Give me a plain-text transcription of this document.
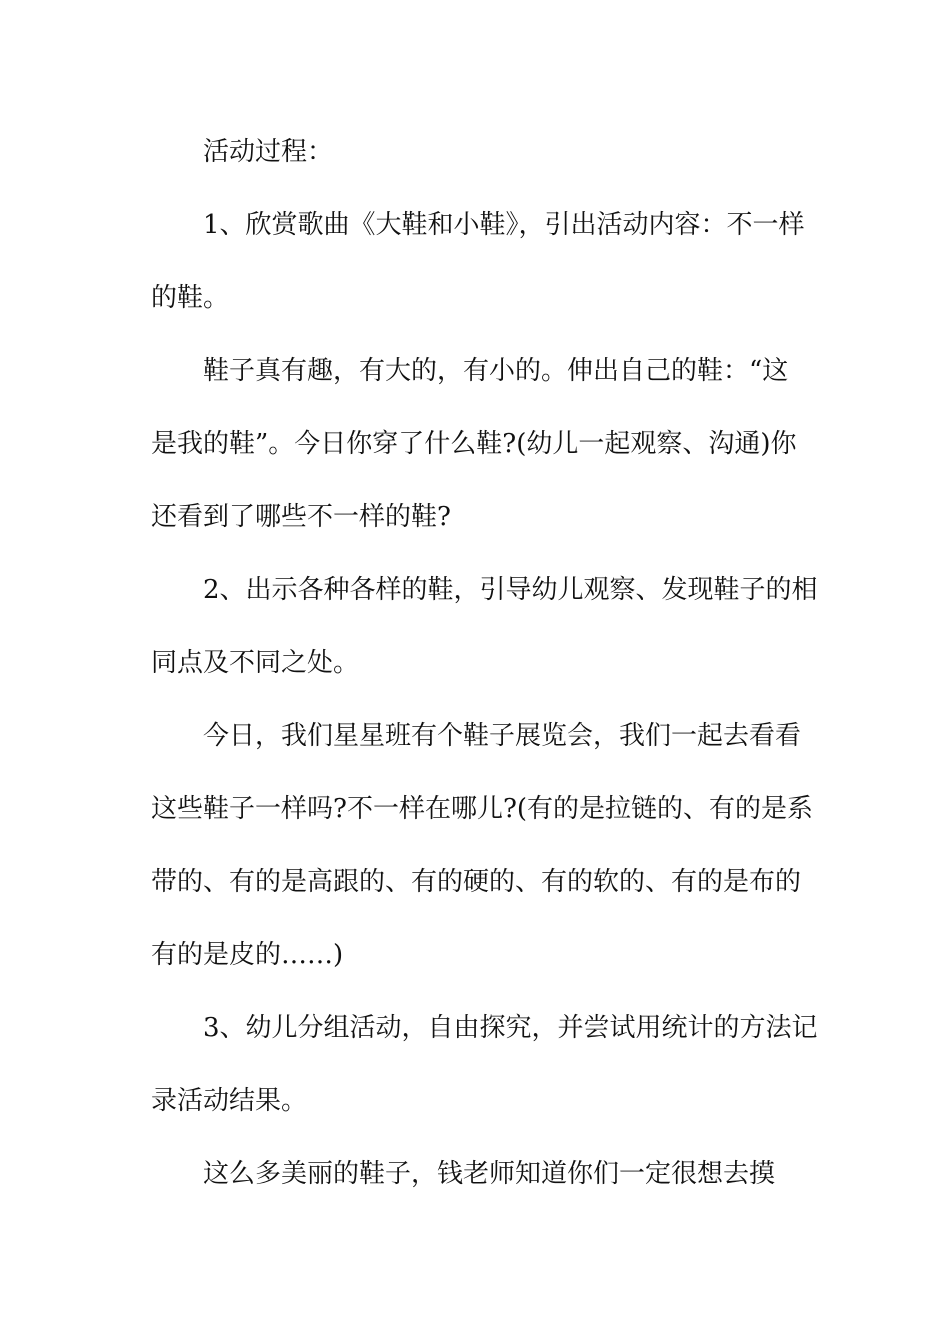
活动过程：

1、欣赏歌曲《大鞋和小鞋》，引出活动内容：不一样

的鞋。

鞋子真有趣，有大的，有小的。伸出自己的鞋：“这

是我的鞋”。今日你穿了什么鞋?(幼儿一起观察、沟通)你

还看到了哪些不一样的鞋?

2、出示各种各样的鞋，引导幼儿观察、发现鞋子的相

同点及不同之处。

今日，我们星星班有个鞋子展览会，我们一起去看看

这些鞋子一样吗?不一样在哪儿?(有的是拉链的、有的是系

带的、有的是高跟的、有的硬的、有的软的、有的是布的

有的是皮的……)

3、幼儿分组活动，自由探究，并尝试用统计的方法记

录活动结果。

这么多美丽的鞋子，钱老师知道你们一定很想去摸
